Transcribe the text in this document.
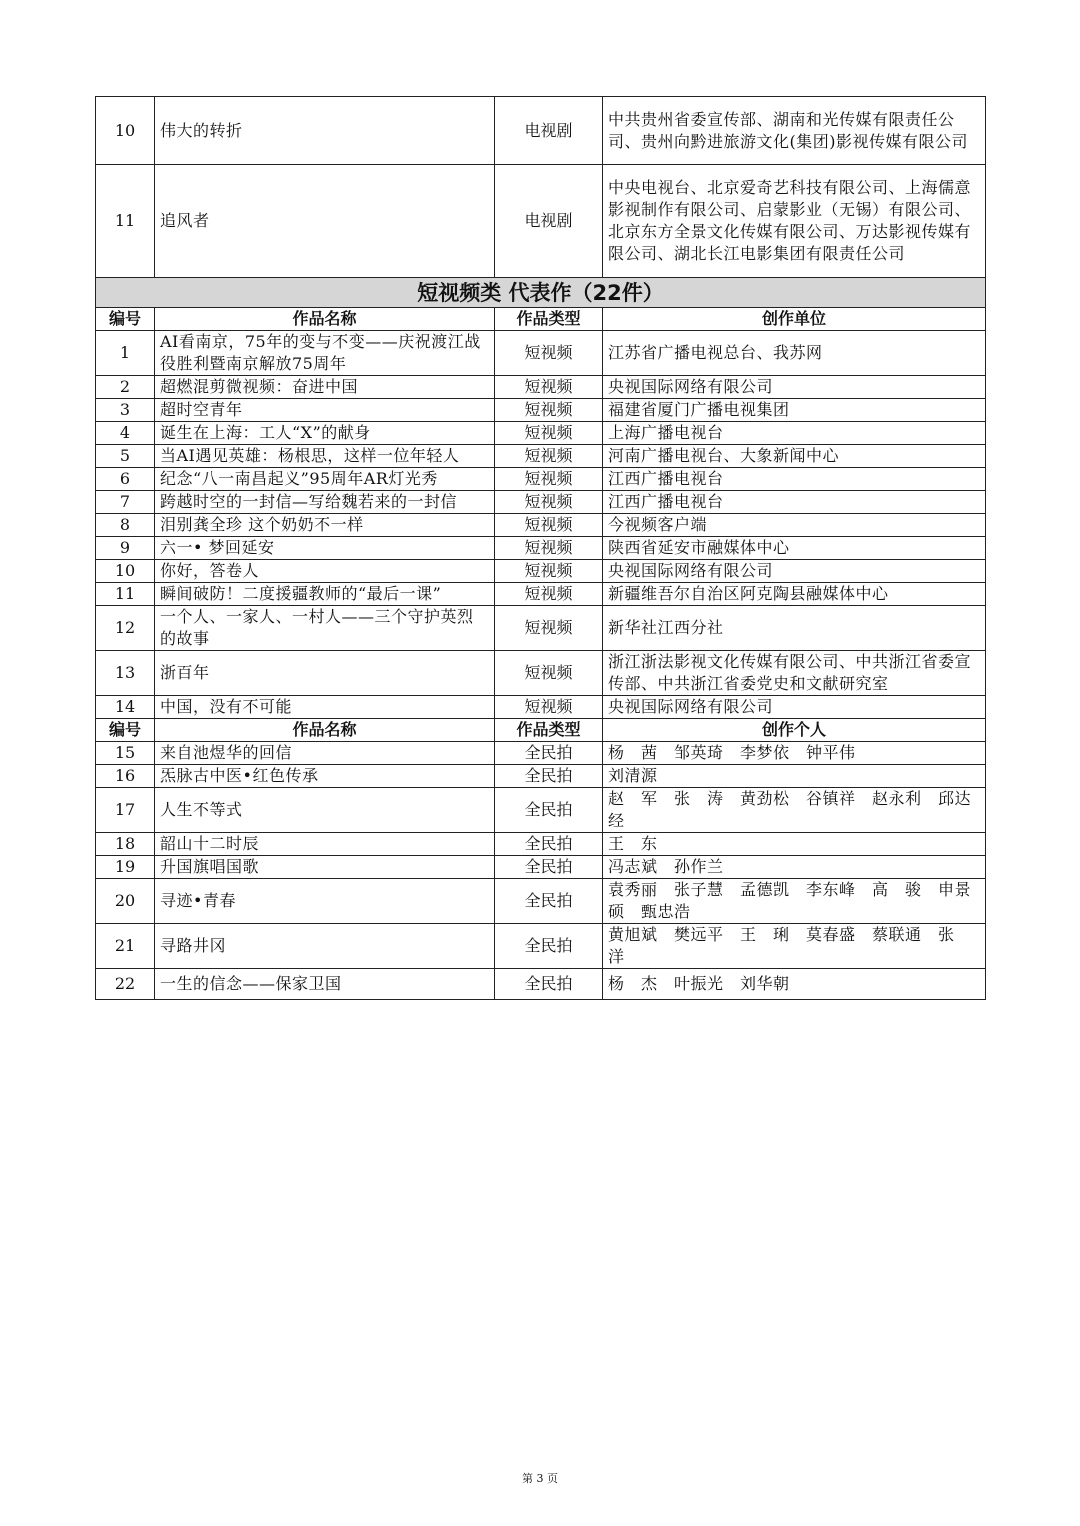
10	伟大的转折	电视剧	中共贵州省委宣传部、湖南和光传媒有限责任公司、贵州向黔进旅游文化(集团)影视传媒有限公司
11	追风者	电视剧	中央电视台、北京爱奇艺科技有限公司、上海儒意影视制作有限公司、启蒙影业（无锡）有限公司、北京东方全景文化传媒有限公司、万达影视传媒有限公司、湖北长江电影集团有限责任公司
短视频类 代表作（22件）			
编号	作品名称	作品类型	创作单位
1	AI看南京，75年的变与不变——庆祝渡江战役胜利暨南京解放75周年	短视频	江苏省广播电视总台、我苏网
2	超燃混剪微视频：奋进中国	短视频	央视国际网络有限公司
3	超时空青年	短视频	福建省厦门广播电视集团
4	诞生在上海：工人“X”的献身	短视频	上海广播电视台
5	当AI遇见英雄：杨根思，这样一位年轻人	短视频	河南广播电视台、大象新闻中心
6	纪念“八一南昌起义”95周年AR灯光秀	短视频	江西广播电视台
7	跨越时空的一封信—写给魏若来的一封信	短视频	江西广播电视台
8	泪别龚全珍 这个奶奶不一样	短视频	今视频客户端
9	六一• 梦回延安	短视频	陕西省延安市融媒体中心
10	你好，答卷人	短视频	央视国际网络有限公司
11	瞬间破防！二度援疆教师的“最后一课”	短视频	新疆维吾尔自治区阿克陶县融媒体中心
12	一个人、一家人、一村人——三个守护英烈的故事	短视频	新华社江西分社
13	浙百年	短视频	浙江浙法影视文化传媒有限公司、中共浙江省委宣传部、中共浙江省委党史和文献研究室
14	中国，没有不可能	短视频	央视国际网络有限公司
编号	作品名称	作品类型	创作个人
15	来自池煜华的回信	全民拍	杨　茜　邹英琦　李梦依　钟平伟
16	炁脉古中医•红色传承	全民拍	刘清源
17	人生不等式	全民拍	赵　军　张　涛　黄劲松　谷镇祥　赵永利　邱达经
18	韶山十二时辰	全民拍	王　东
19	升国旗唱国歌	全民拍	冯志斌　孙作兰
20	寻迹•青春	全民拍	袁秀丽　张子慧　孟德凯　李东峰　高　骏　申景硕　甄忠浩
21	寻路井冈	全民拍	黄旭斌　樊远平　王　琍　莫春盛　蔡联通　张　洋
22	一生的信念——保家卫国	全民拍	杨　杰　叶振光　刘华朝
第 3 页
